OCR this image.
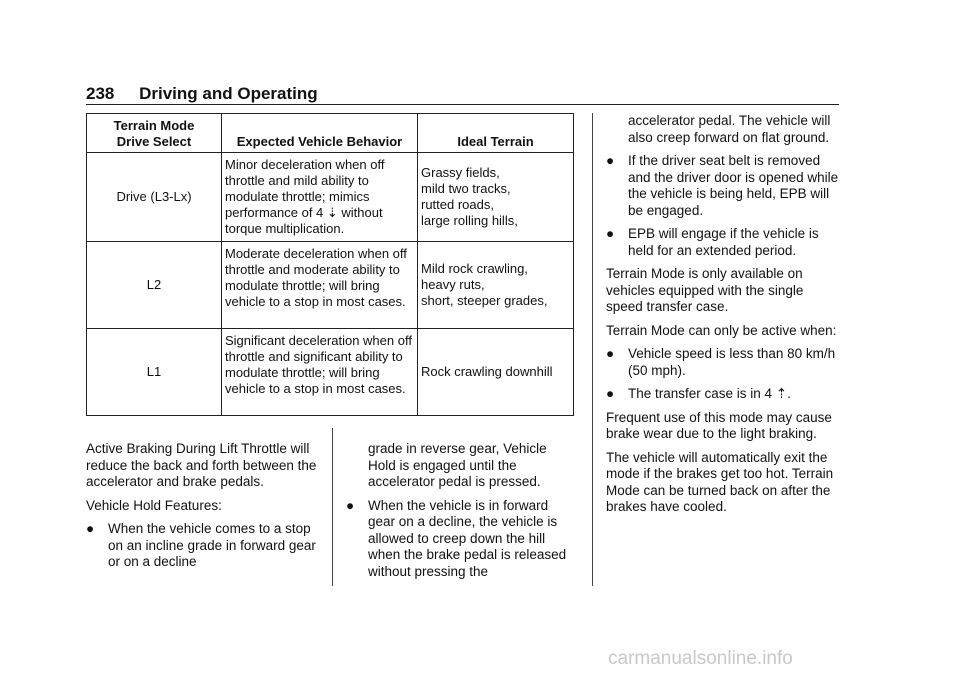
238 Driving and Operating
Terrain Mode
Drive Select	Expected Vehicle Behavior	Ideal Terrain
Drive (L3-Lx)	Minor deceleration when off throttle and mild ability to modulate throttle; mimics performance of 4 ⇣ without torque multiplication.	Grassy fields,
mild two tracks,
rutted roads,
large rolling hills,
L2	Moderate deceleration when off throttle and moderate ability to modulate throttle; will bring vehicle to a stop in most cases.	Mild rock crawling,
heavy ruts,
short, steeper grades,
L1	Significant deceleration when off throttle and significant ability to modulate throttle; will bring vehicle to a stop in most cases.	Rock crawling downhill

Active Braking During Lift Throttle will reduce the back and forth between the accelerator and brake pedals.

Vehicle Hold Features:

● When the vehicle comes to a stop on an incline grade in forward gear or on a decline
grade in reverse gear, Vehicle Hold is engaged until the accelerator pedal is pressed.
● When the vehicle is in forward gear on a decline, the vehicle is allowed to creep down the hill when the brake pedal is released without pressing the
accelerator pedal. The vehicle will also creep forward on flat ground.
● If the driver seat belt is removed and the driver door is opened while the vehicle is being held, EPB will be engaged.
● EPB will engage if the vehicle is held for an extended period.

Terrain Mode is only available on vehicles equipped with the single speed transfer case.

Terrain Mode can only be active when:

● Vehicle speed is less than 80 km/h (50 mph).
● The transfer case is in 4 ⇡.

Frequent use of this mode may cause brake wear due to the light braking.

The vehicle will automatically exit the mode if the brakes get too hot. Terrain Mode can be turned back on after the brakes have cooled.

carmanualsonline.info
